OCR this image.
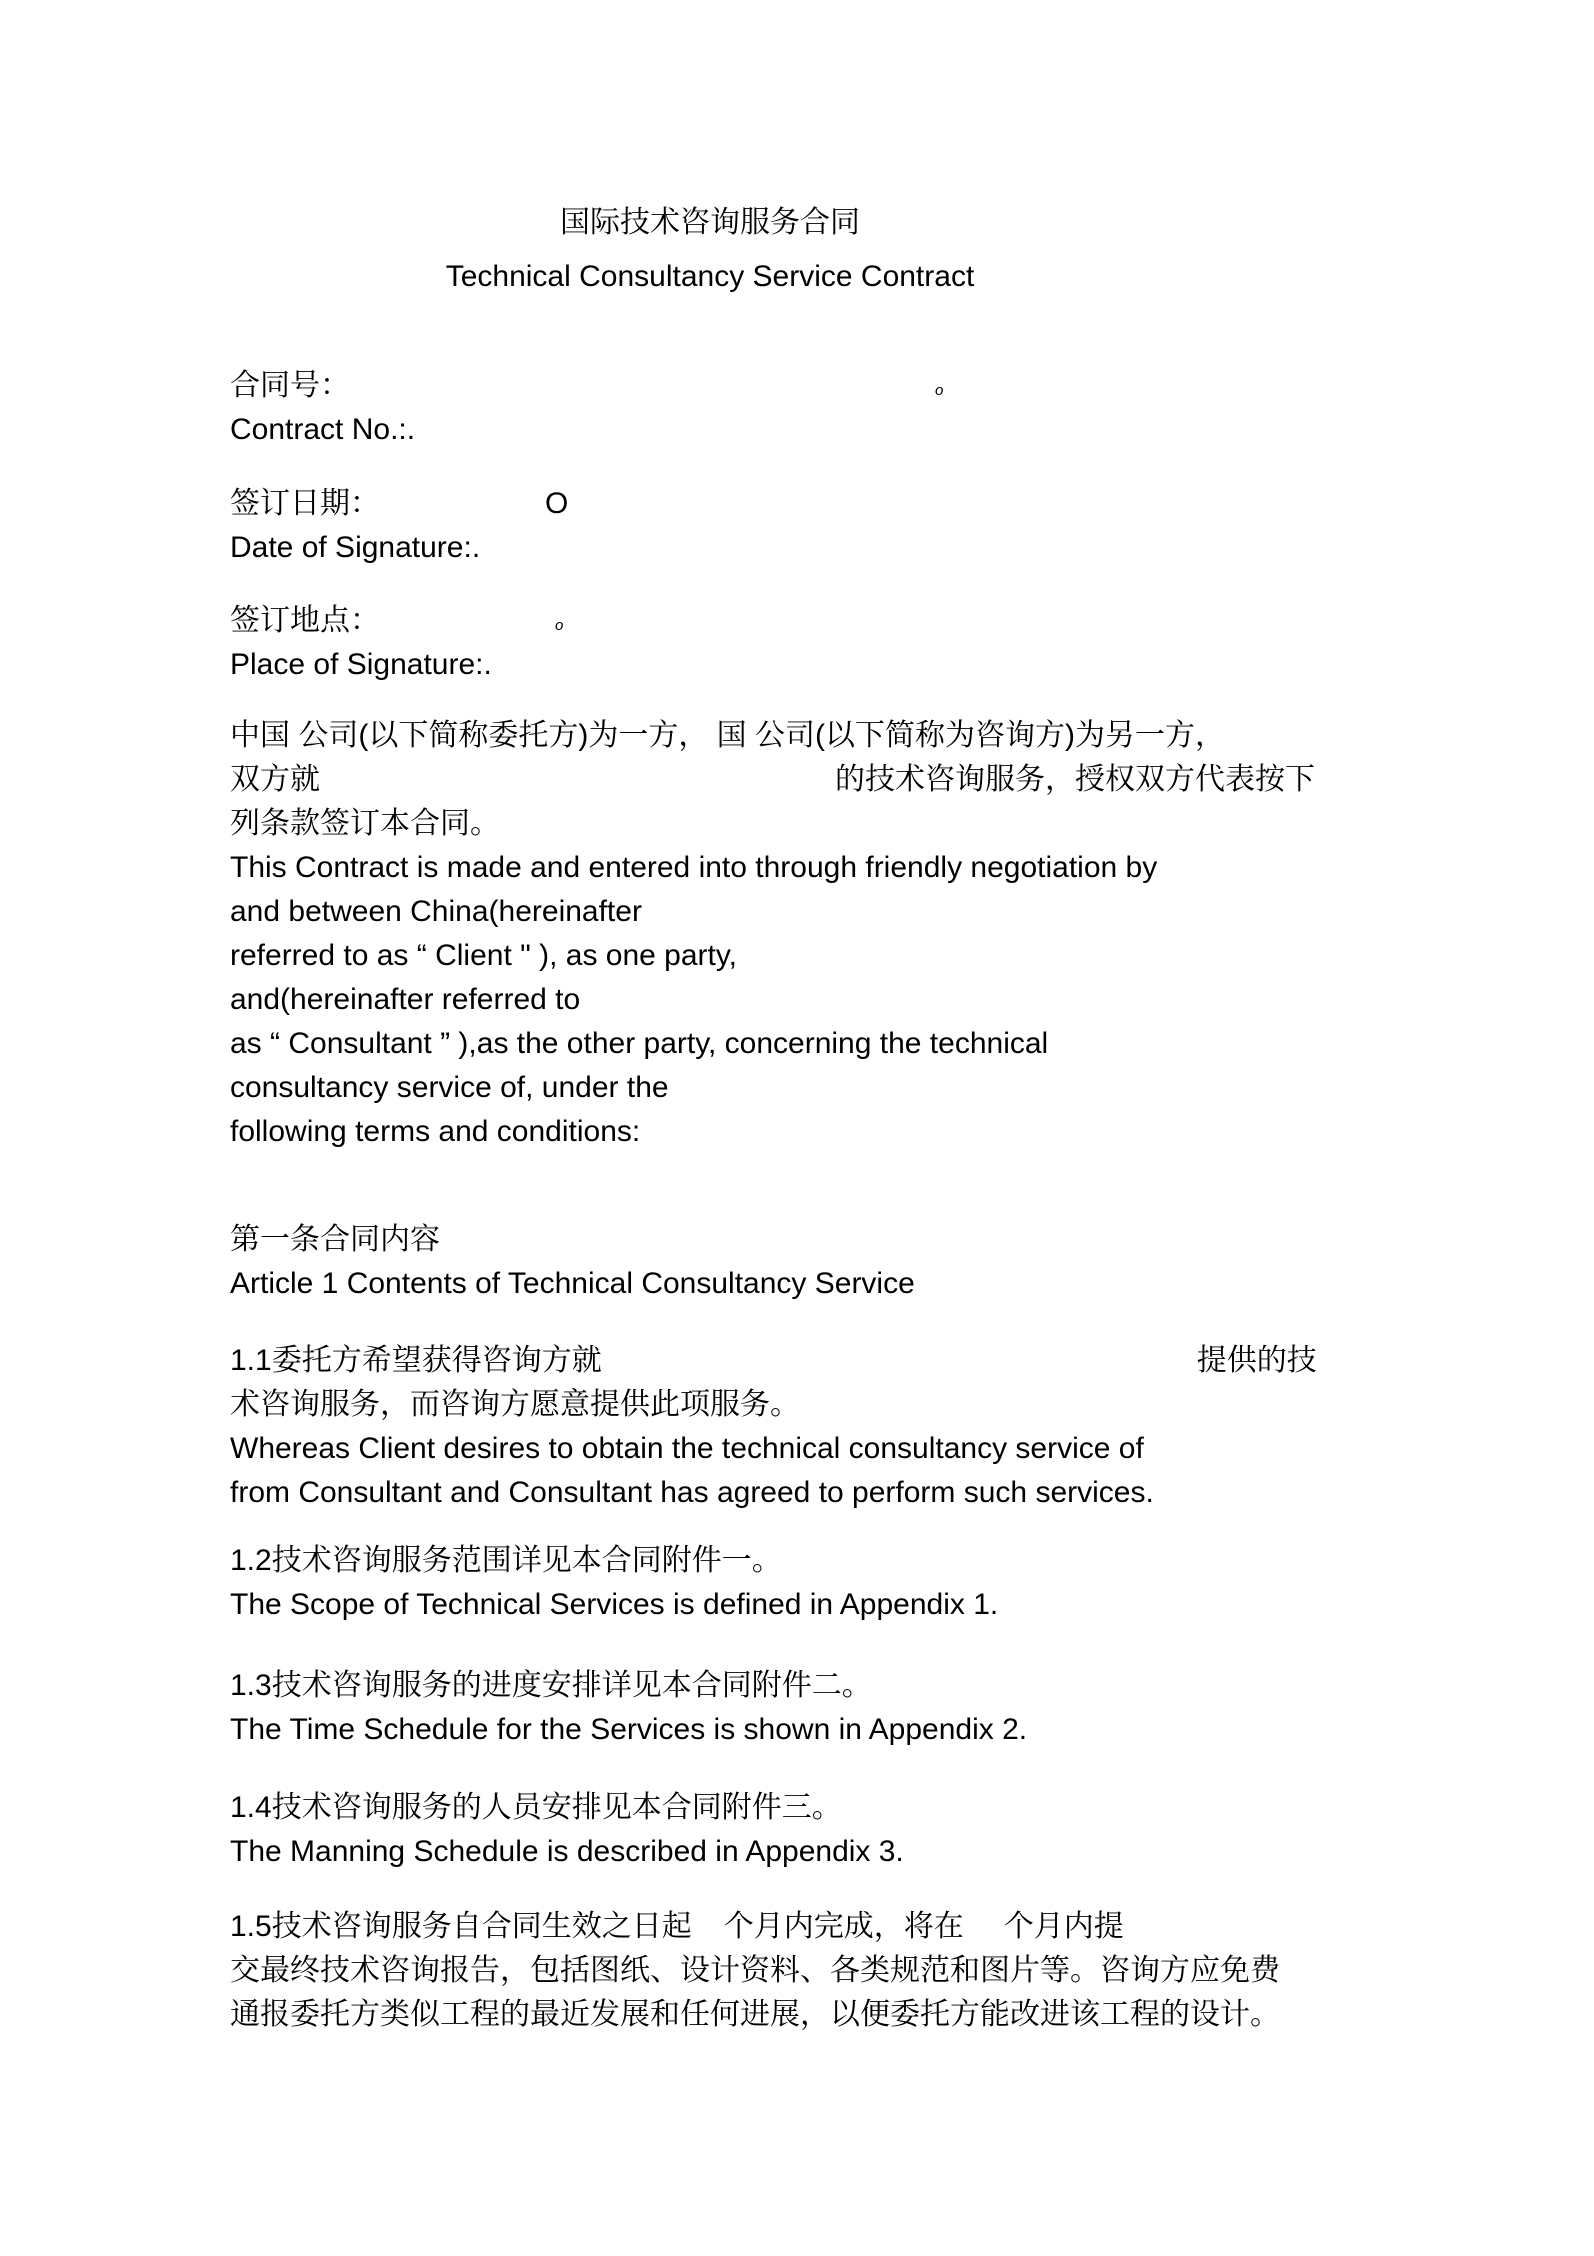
国际技术咨询服务合同
Technical Consultancy Service Contract
合同号：	o
Contract No.:.
签订日期：	O
Date of Signature:.
签订地点：	o
Place of Signature:.
中国 公司(以下简称委托方)为一方， 国 公司(以下简称为咨询方)为另一方，
双方就	的技术咨询服务，授权双方代表按下
列条款签订本合同。
This Contract is made and entered into through friendly negotiation by
and between China(hereinafter
referred to as “ Client " ), as one party,
and(hereinafter referred to
as “ Consultant ” ),as the other party, concerning the technical
consultancy service of, under the
following terms and conditions:
第一条合同内容
Article 1 Contents of Technical Consultancy Service
1.1委托方希望获得咨询方就	提供的技
术咨询服务，而咨询方愿意提供此项服务。
Whereas Client desires to obtain the technical consultancy service of
from Consultant and Consultant has agreed to perform such services.
1.2技术咨询服务范围详见本合同附件一。
The Scope of Technical Services is defined in Appendix 1.
1.3技术咨询服务的进度安排详见本合同附件二。
The Time Schedule for the Services is shown in Appendix 2.
1.4技术咨询服务的人员安排见本合同附件三。
The Manning Schedule is described in Appendix 3.
1.5技术咨询服务自合同生效之日起 个月内完成，将在 个月内提
交最终技术咨询报告，包括图纸、设计资料、各类规范和图片等。咨询方应免费
通报委托方类似工程的最近发展和任何进展，以便委托方能改进该工程的设计。
